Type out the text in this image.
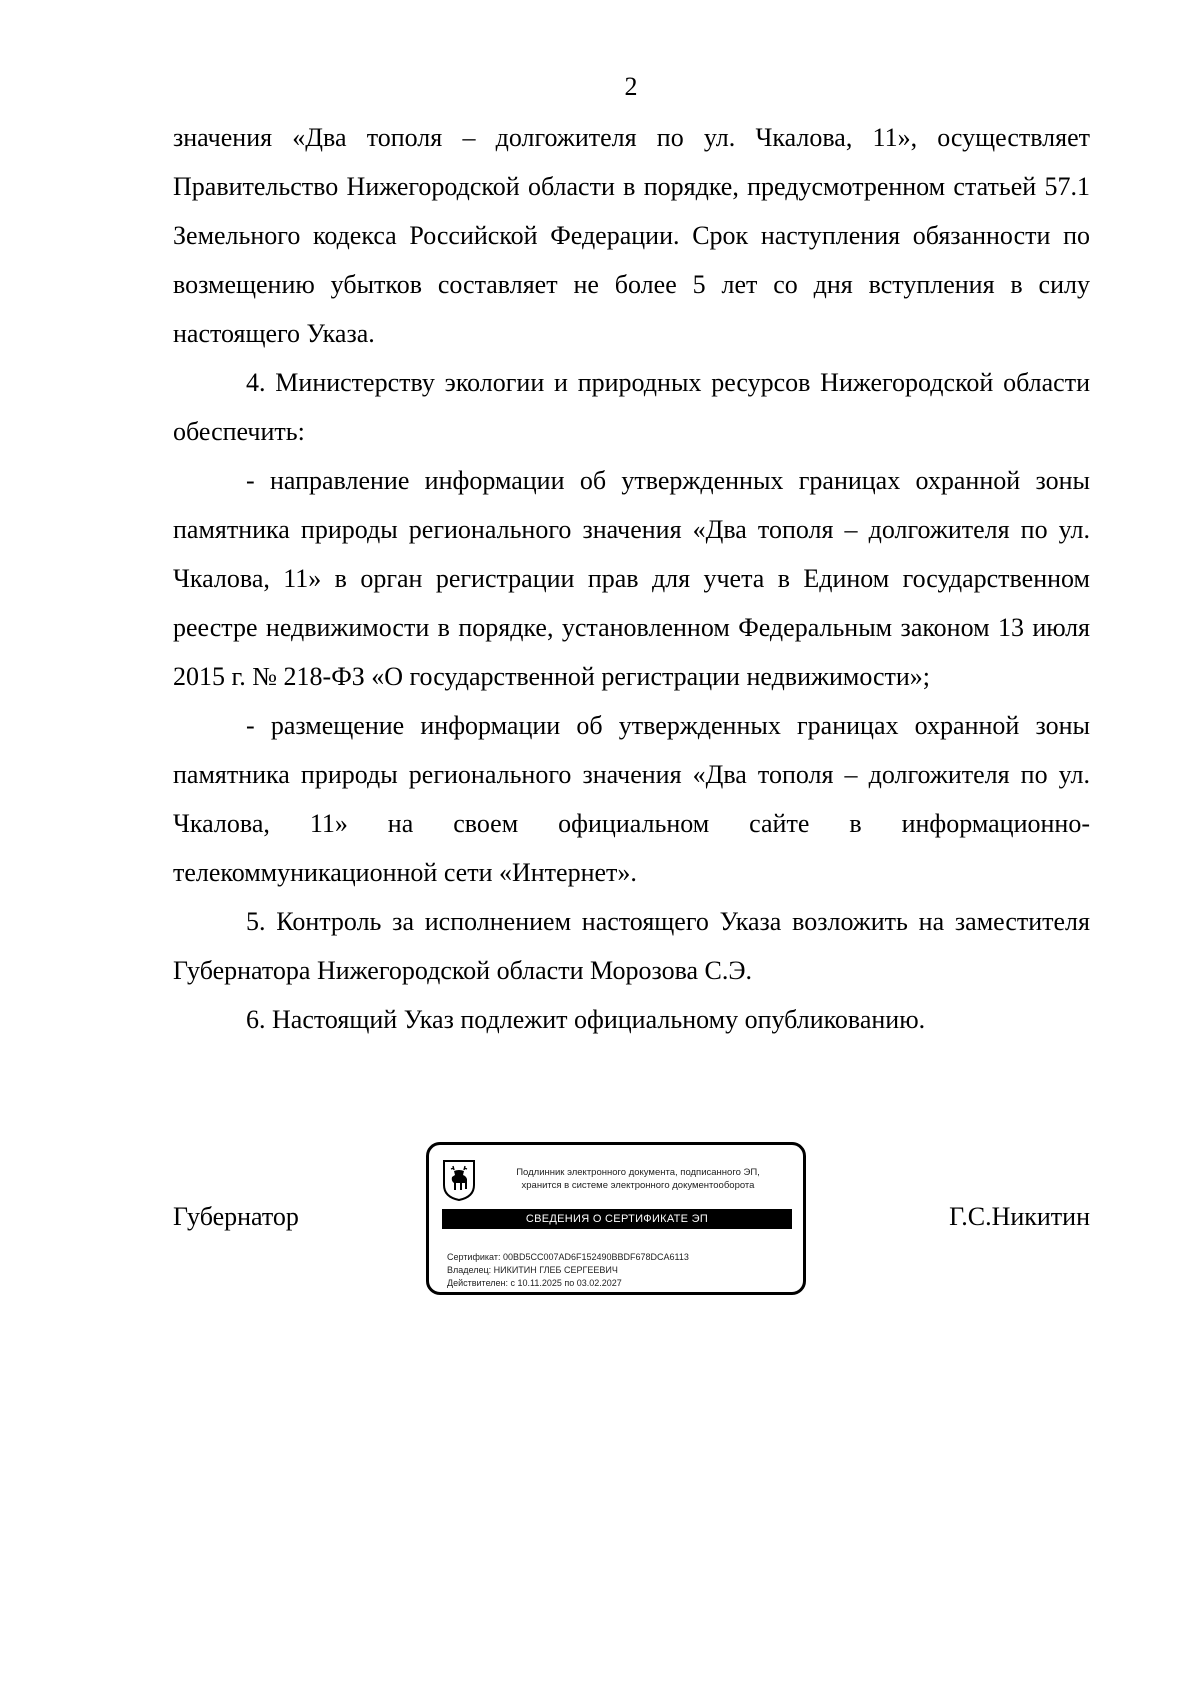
2

значения «Два тополя – долгожителя по ул. Чкалова, 11», осуществляет Правительство Нижегородской области в порядке, предусмотренном статьей 57.1 Земельного кодекса Российской Федерации. Срок наступления обязанности по возмещению убытков составляет не более 5 лет со дня вступления в силу настоящего Указа.

4. Министерству экологии и природных ресурсов Нижегородской области обеспечить:

- направление информации об утвержденных границах охранной зоны памятника природы регионального значения «Два тополя – долгожителя по ул. Чкалова, 11» в орган регистрации прав для учета в Едином государственном реестре недвижимости в порядке, установленном Федеральным законом 13 июля 2015 г. № 218-ФЗ «О государственной регистрации недвижимости»;

- размещение информации об утвержденных границах охранной зоны памятника природы регионального значения «Два тополя – долгожителя по ул. Чкалова, 11» на своем официальном сайте в информационно-телекоммуникационной сети «Интернет».

5. Контроль за исполнением настоящего Указа возложить на заместителя Губернатора Нижегородской области Морозова С.Э.

6. Настоящий Указ подлежит официальному опубликованию.

Губернатор	Г.С.Никитин
Подлинник электронного документа, подписанного ЭП,
хранится в системе электронного документооборота
СВЕДЕНИЯ О СЕРТИФИКАТЕ ЭП
Сертификат: 00BD5CC007AD6F152490BBDF678DCA6113
Владелец: НИКИТИН ГЛЕБ СЕРГЕЕВИЧ
Действителен: с 10.11.2025 по 03.02.2027
